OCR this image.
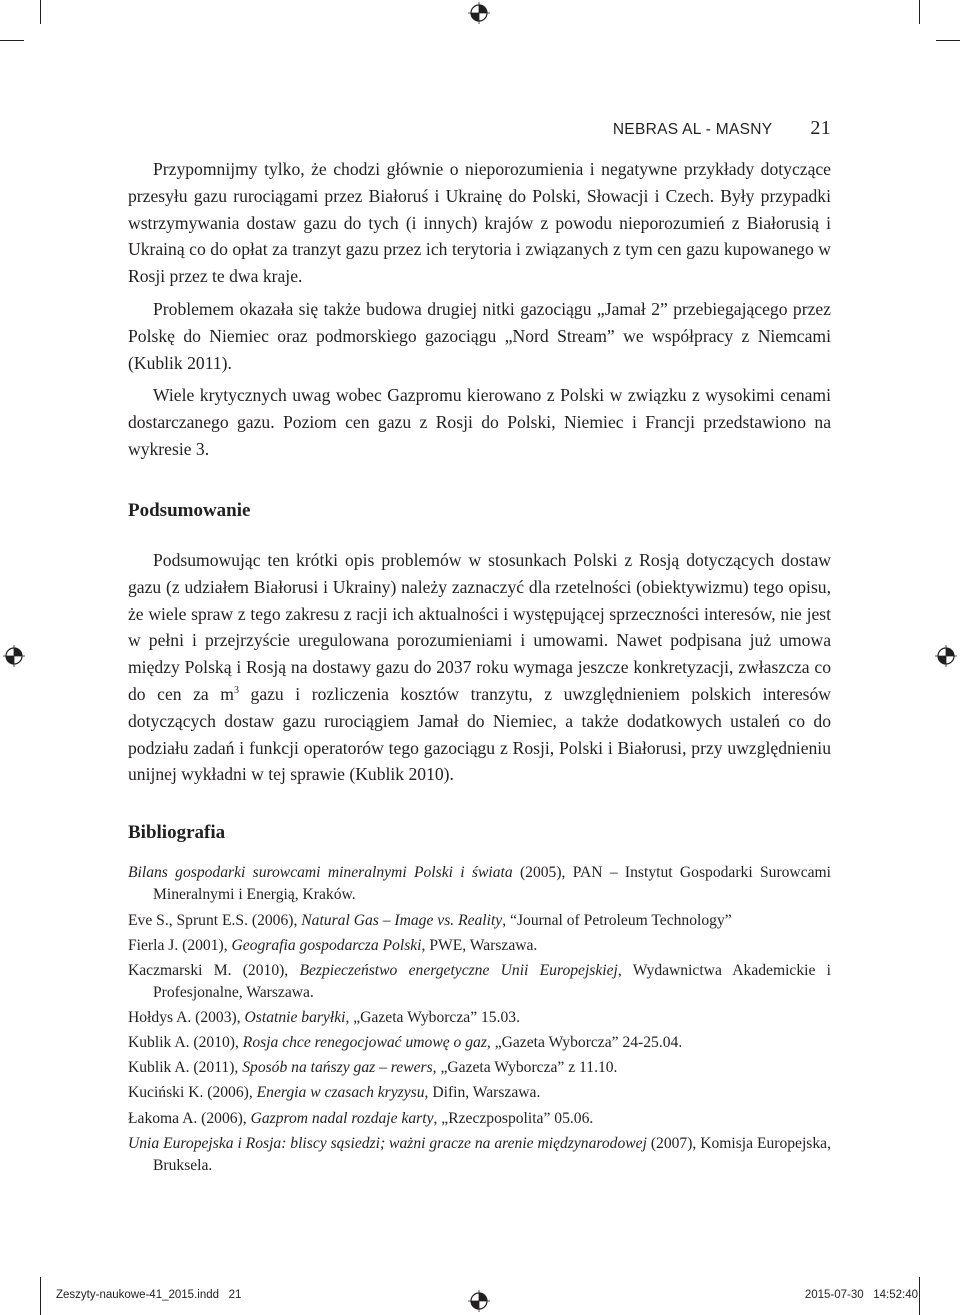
NEBRAS AL - MASNY 21

Przypomnijmy tylko, że chodzi głównie o nieporozumienia i negatywne przykłady dotyczące przesyłu gazu rurociągami przez Białoruś i Ukrainę do Polski, Słowacji i Czech. Były przypadki wstrzymywania dostaw gazu do tych (i innych) krajów z powodu nieporozumień z Białorusią i Ukrainą co do opłat za tranzyt gazu przez ich terytoria i związanych z tym cen gazu kupowanego w Rosji przez te dwa kraje.

Problemem okazała się także budowa drugiej nitki gazociągu „Jamał 2” przebiegającego przez Polskę do Niemiec oraz podmorskiego gazociągu „Nord Stream” we współpracy z Niemcami (Kublik 2011).

Wiele krytycznych uwag wobec Gazpromu kierowano z Polski w związku z wysokimi cenami dostarczanego gazu. Poziom cen gazu z Rosji do Polski, Niemiec i Francji przedstawiono na wykresie 3.

Podsumowanie

Podsumowując ten krótki opis problemów w stosunkach Polski z Rosją dotyczących dostaw gazu (z udziałem Białorusi i Ukrainy) należy zaznaczyć dla rzetelności (obiektywizmu) tego opisu, że wiele spraw z tego zakresu z racji ich aktualności i występującej sprzeczności interesów, nie jest w pełni i przejrzyście uregulowana porozumieniami i umowami. Nawet podpisana już umowa między Polską i Rosją na dostawy gazu do 2037 roku wymaga jeszcze konkretyzacji, zwłaszcza co do cen za $m^3$ gazu i rozliczenia kosztów tranzytu, z uwzględnieniem polskich interesów dotyczących dostaw gazu rurociągiem Jamał do Niemiec, a także dodatkowych ustaleń co do podziału zadań i funkcji operatorów tego gazociągu z Rosji, Polski i Białorusi, przy uwzględnieniu unijnej wykładni w tej sprawie (Kublik 2010).

Bibliografia
Bilans gospodarki surowcami mineralnymi Polski i świata (2005), PAN – Instytut Gospodarki Surowcami Mineralnymi i Energią, Kraków.
Eve S., Sprunt E.S. (2006), Natural Gas – Image vs. Reality, “Journal of Petroleum Technology”
Fierla J. (2001), Geografia gospodarcza Polski, PWE, Warszawa.
Kaczmarski M. (2010), Bezpieczeństwo energetyczne Unii Europejskiej, Wydawnictwa Akademickie i Profesjonalne, Warszawa.
Hołdys A. (2003), Ostatnie baryłki, „Gazeta Wyborcza” 15.03.
Kublik A. (2010), Rosja chce renegocjować umowę o gaz, „Gazeta Wyborcza” 24-25.04.
Kublik A. (2011), Sposób na tańszy gaz – rewers, „Gazeta Wyborcza” z 11.10.
Kuciński K. (2006), Energia w czasach kryzysu, Difin, Warszawa.
Łakoma A. (2006), Gazprom nadal rozdaje karty, „Rzeczpospolita” 05.06.
Unia Europejska i Rosja: bliscy sąsiedzi; ważni gracze na arenie międzynarodowej (2007), Komisja Europejska, Bruksela.
Zeszyty-naukowe-41_2015.indd   21	2015-07-30   14:52:40
